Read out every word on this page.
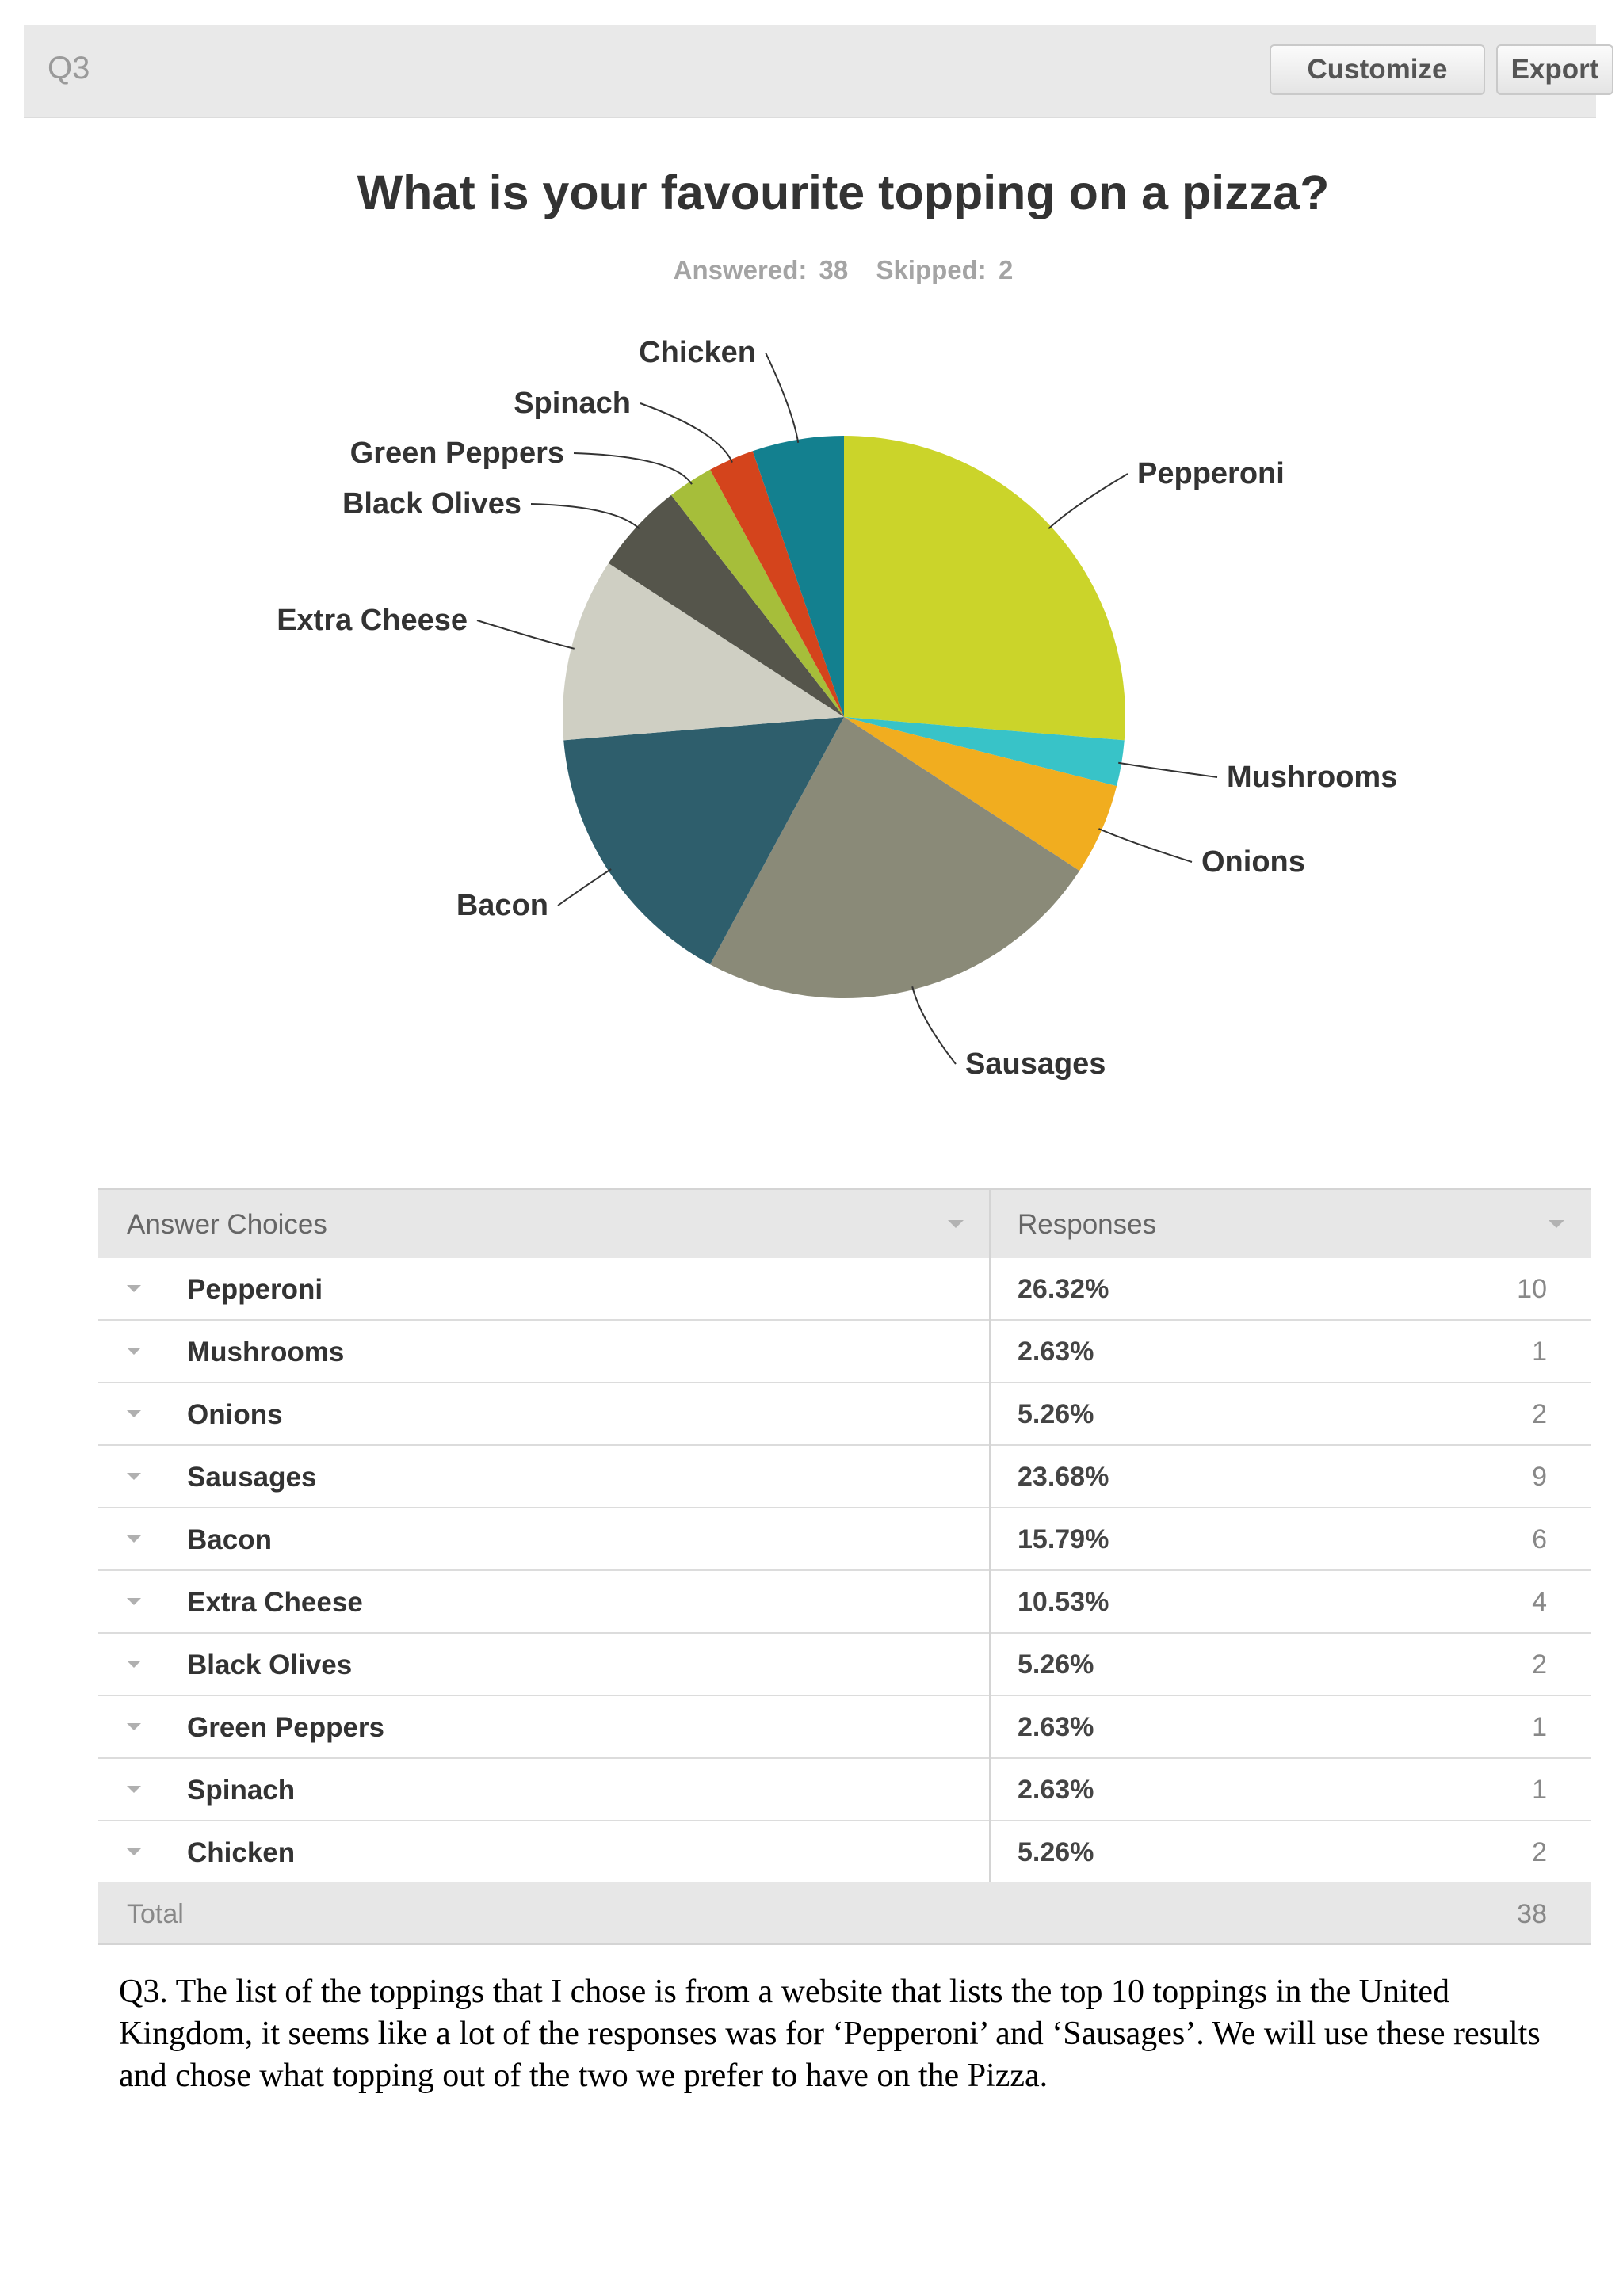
Q3	Customize	Export
What is your favourite topping on a pizza?
Answered: 38 Skipped: 2
Pepperoni
Mushrooms
Onions
Sausages
Bacon
Extra Cheese
Black Olives
Green Peppers
Spinach
Chicken
Answer Choices	Responses
Pepperoni	26.32%	10
Mushrooms	2.63%	1
Onions	5.26%	2
Sausages	23.68%	9
Bacon	15.79%	6
Extra Cheese	10.53%	4
Black Olives	5.26%	2
Green Peppers	2.63%	1
Spinach	2.63%	1
Chicken	5.26%	2
Total	38
Q3. The list of the toppings that I chose is from a website that lists the top 10 toppings in the United Kingdom, it seems like a lot of the responses was for ‘Pepperoni’ and ‘Sausages’. We will use these results and chose what topping out of the two we prefer to have on the Pizza.
